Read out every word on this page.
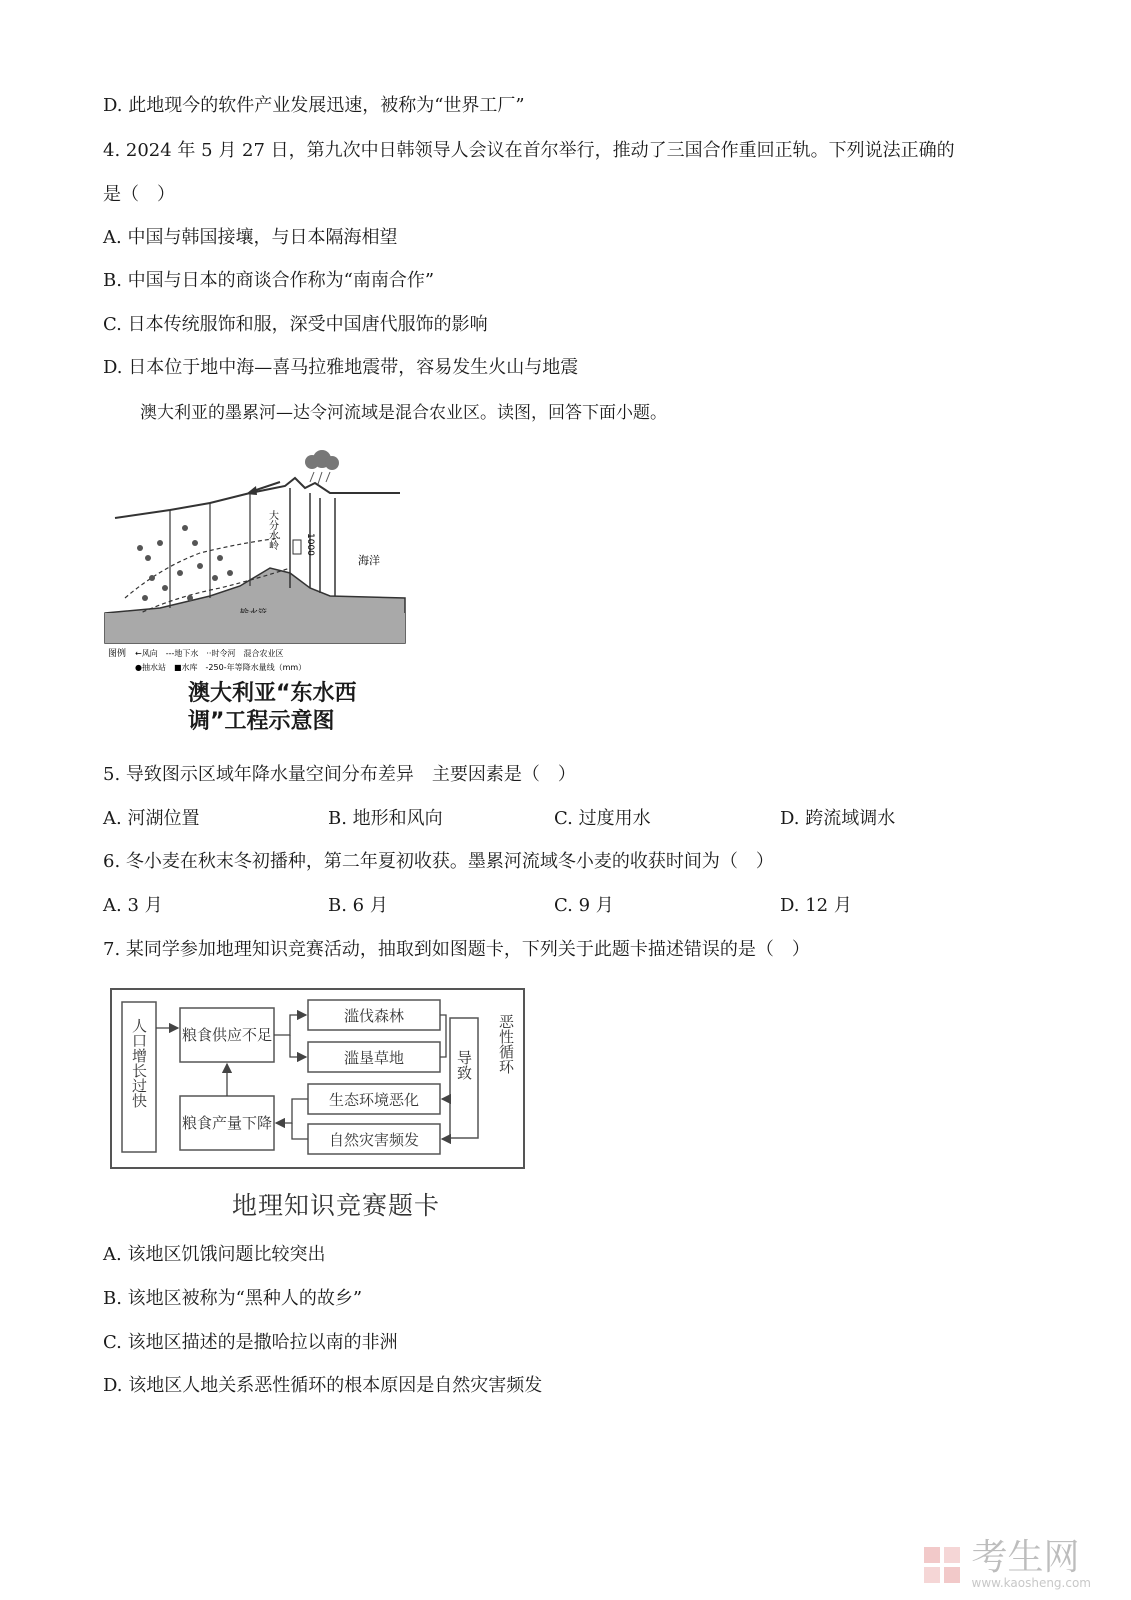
D. 此地现今的软件产业发展迅速，被称为“世界工厂”
4. 2024 年 5 月 27 日，第九次中日韩领导人会议在首尔举行，推动了三国合作重回正轨。下列说法正确的
是（　）
A. 中国与韩国接壤，与日本隔海相望
B. 中国与日本的商谈合作称为“南南合作”
C. 日本传统服饰和服，深受中国唐代服饰的影响
D. 日本位于地中海—喜马拉雅地震带，容易发生火山与地震
澳大利亚的墨累河—达令河流域是混合农业区。读图，回答下面小题。
大分水岭
海洋
1000
图例 ←风向　---地下水　··时令河　混合农业区
●抽水站　■水库　-250-年等降水量线（mm）
澳大利亚“东水西
调”工程示意图
5. 导致图示区域年降水量空间分布差异　主要因素是（　）
A. 河湖位置	B. 地形和风向	C. 过度用水	D. 跨流域调水
6. 冬小麦在秋末冬初播种，第二年夏初收获。墨累河流域冬小麦的收获时间为（　）
A. 3 月	B. 6 月	C. 9 月	D. 12 月
7. 某同学参加地理知识竞赛活动，抽取到如图题卡，下列关于此题卡描述错误的是（　）
人口增长过快 粮食供应不足
滥伐森林
滥垦草地	导致 恶性循环
生态环境恶化
自然灾害频发
粮食产量下降
地理知识竞赛题卡
A. 该地区饥饿问题比较突出
B. 该地区被称为“黑种人的故乡”
C. 该地区描述的是撒哈拉以南的非洲
D. 该地区人地关系恶性循环的根本原因是自然灾害频发
考生网
www.kaosheng.com
